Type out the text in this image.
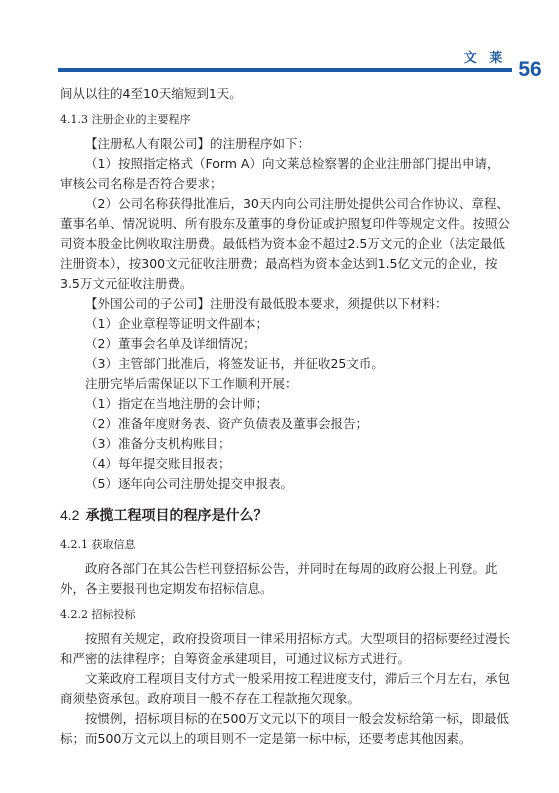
文 莱 56
间从以往的4至10天缩短到1天。
4.1.3 注册企业的主要程序
【注册私人有限公司】的注册程序如下：
（1）按照指定格式（Form A）向文莱总检察署的企业注册部门提出申请，审核公司名称是否符合要求；
（2）公司名称获得批准后，30天内向公司注册处提供公司合作协议、章程、董事名单、情况说明、所有股东及董事的身份证或护照复印件等规定文件。按照公司资本股金比例收取注册费。最低档为资本金不超过2.5万文元的企业（法定最低注册资本），按300文元征收注册费；最高档为资本金达到1.5亿文元的企业，按3.5万文元征收注册费。
【外国公司的子公司】注册没有最低股本要求，须提供以下材料：
（1）企业章程等证明文件副本；
（2）董事会名单及详细情况；
（3）主管部门批准后，将签发证书，并征收25文币。
注册完毕后需保证以下工作顺利开展：
（1）指定在当地注册的会计师；
（2）准备年度财务表、资产负债表及董事会报告；
（3）准备分支机构账目；
（4）每年提交账目报表；
（5）逐年向公司注册处提交申报表。
4.2 承揽工程项目的程序是什么？
4.2.1 获取信息
政府各部门在其公告栏刊登招标公告，并同时在每周的政府公报上刊登。此外，各主要报刊也定期发布招标信息。
4.2.2 招标投标
按照有关规定，政府投资项目一律采用招标方式。大型项目的招标要经过漫长和严密的法律程序；自筹资金承建项目，可通过议标方式进行。
文莱政府工程项目支付方式一般采用按工程进度支付，滞后三个月左右，承包商须垫资承包。政府项目一般不存在工程款拖欠现象。
按惯例，招标项目标的在500万文元以下的项目一般会发标给第一标，即最低标；而500万文元以上的项目则不一定是第一标中标，还要考虑其他因素。
